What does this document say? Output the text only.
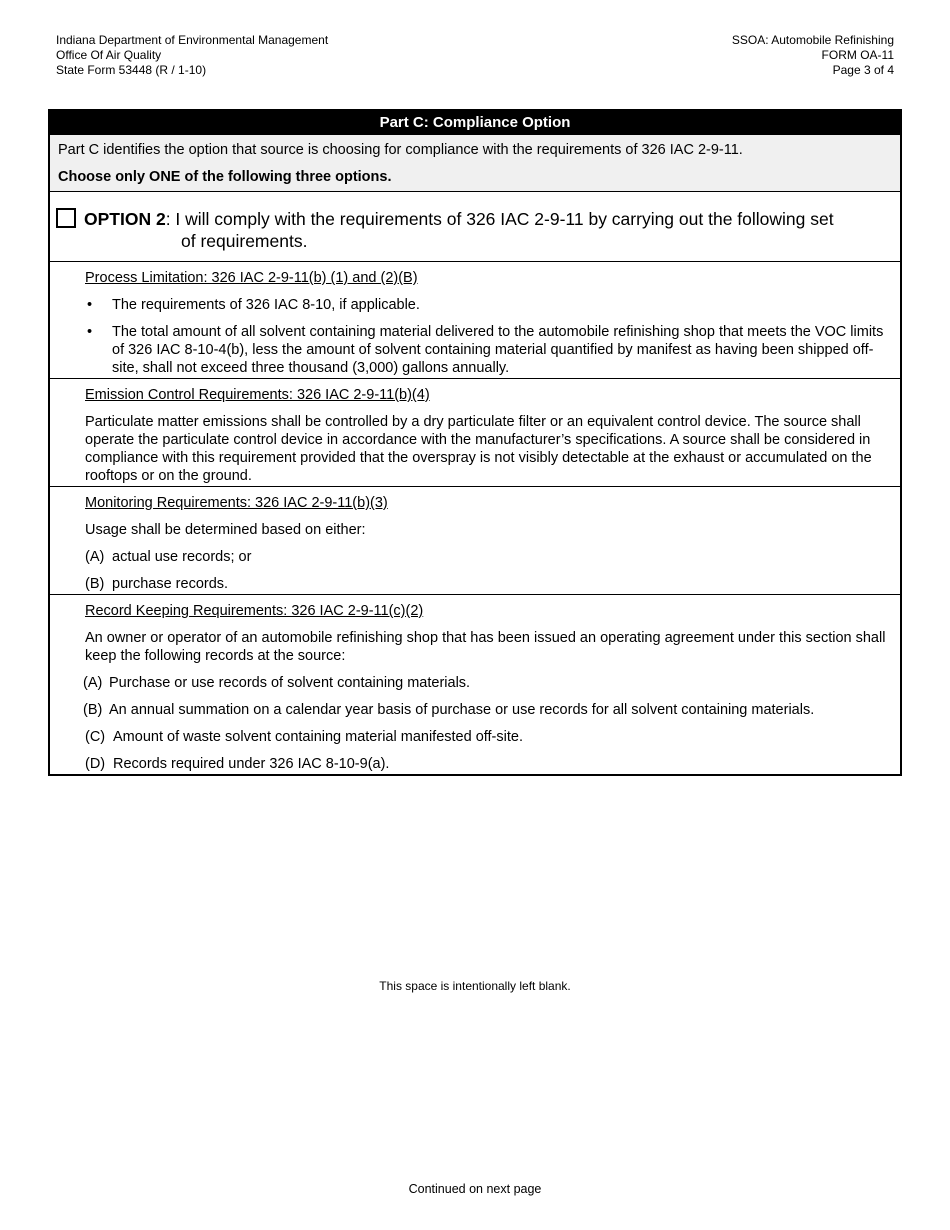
Indiana Department of Environmental Management
Office Of Air Quality
State Form 53448 (R / 1-10)
SSOA: Automobile Refinishing
FORM OA-11
Page 3 of 4
Part C: Compliance Option

Part C identifies the option that source is choosing for compliance with the requirements of 326 IAC 2-9-11.

Choose only ONE of the following three options.

OPTION 2: I will comply with the requirements of 326 IAC 2-9-11 by carrying out the following set
of requirements.
Process Limitation: 326 IAC 2-9-11(b) (1) and (2)(B)
• The requirements of 326 IAC 8-10, if applicable.
• The total amount of all solvent containing material delivered to the automobile refinishing shop that meets the VOC limits of 326 IAC 8-10-4(b), less the amount of solvent containing material quantified by manifest as having been shipped off-site, shall not exceed three thousand (3,000) gallons annually.
Emission Control Requirements: 326 IAC 2-9-11(b)(4)

Particulate matter emissions shall be controlled by a dry particulate filter or an equivalent control device. The source shall operate the particulate control device in accordance with the manufacturer’s specifications. A source shall be considered in compliance with this requirement provided that the overspray is not visibly detectable at the exhaust or accumulated on the rooftops or on the ground.

Monitoring Requirements: 326 IAC 2-9-11(b)(3)

Usage shall be determined based on either:

(A) actual use records; or
(B) purchase records.
Record Keeping Requirements: 326 IAC 2-9-11(c)(2)

An owner or operator of an automobile refinishing shop that has been issued an operating agreement under this section shall keep the following records at the source:

(A) Purchase or use records of solvent containing materials.
(B) An annual summation on a calendar year basis of purchase or use records for all solvent containing materials.
(C) Amount of waste solvent containing material manifested off-site.
(D) Records required under 326 IAC 8-10-9(a).
This space is intentionally left blank.
Continued on next page
